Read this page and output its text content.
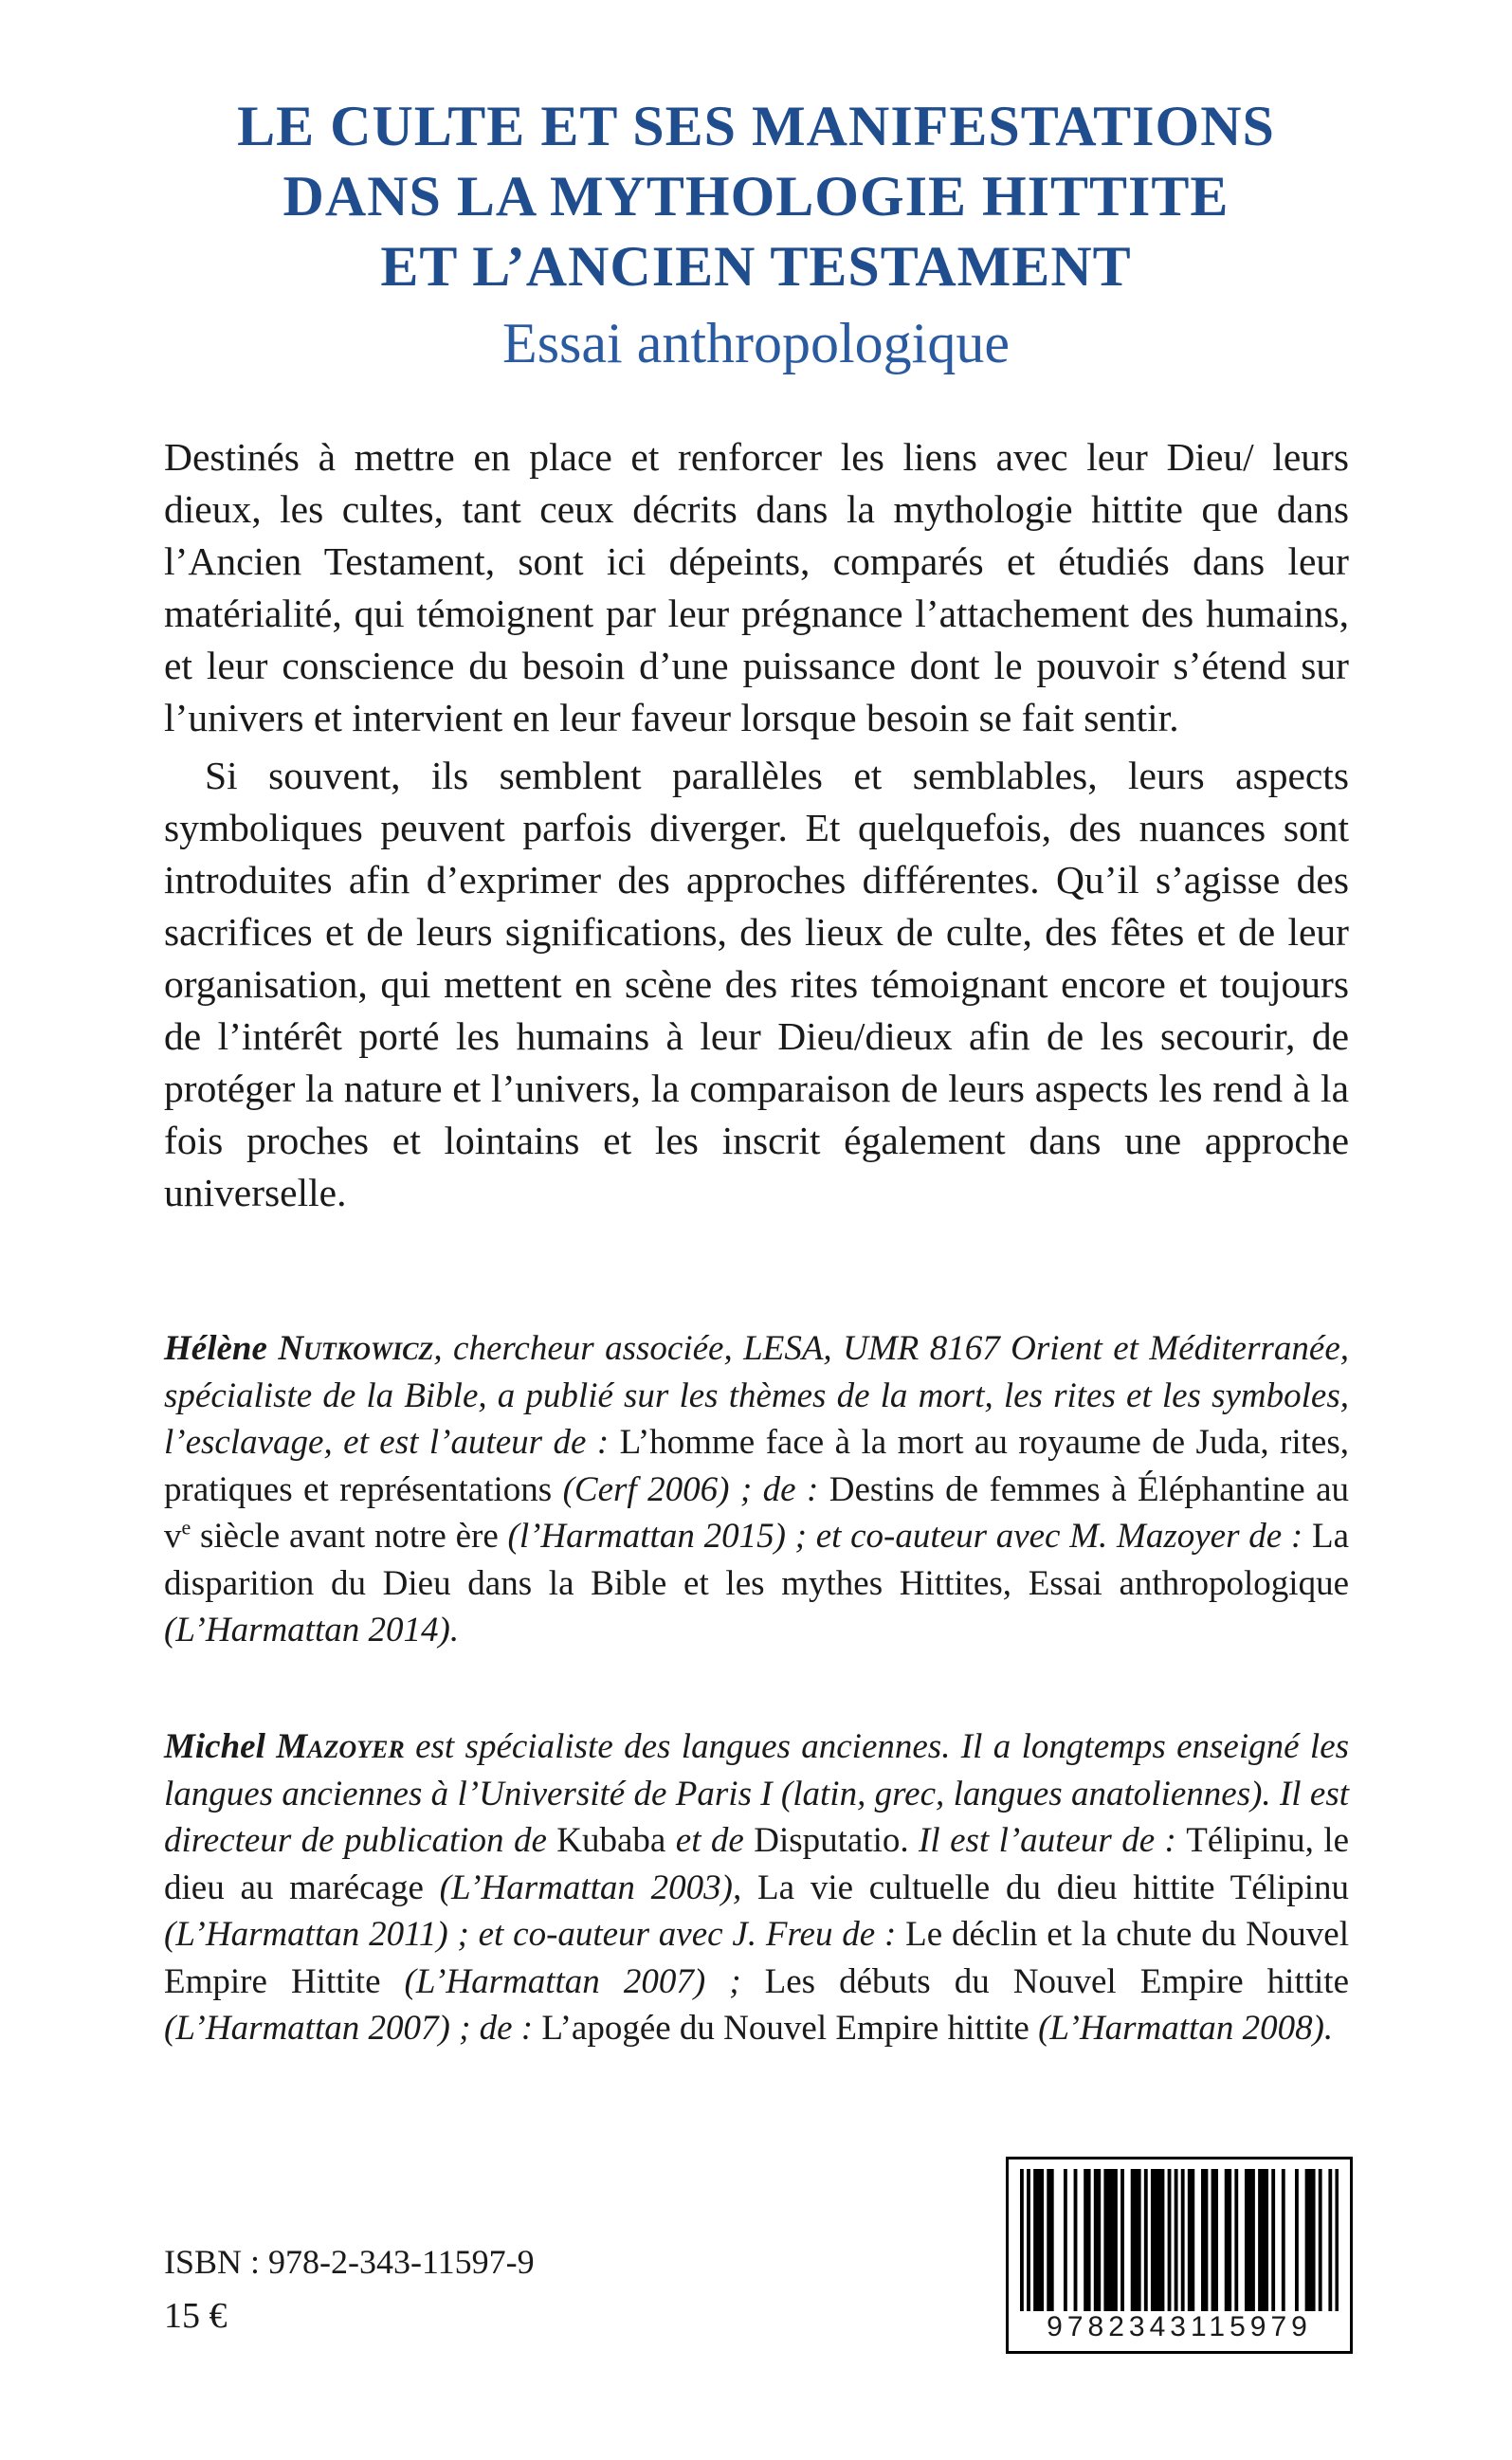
LE CULTE ET SES MANIFESTATIONS
DANS LA MYTHOLOGIE HITTITE
ET L’ANCIEN TESTAMENT
Essai anthropologique

Destinés à mettre en place et renforcer les liens avec leur Dieu/ leurs dieux, les cultes, tant ceux décrits dans la mythologie hittite que dans l’Ancien Testament, sont ici dépeints, comparés et étudiés dans leur matérialité, qui témoignent par leur prégnance l’attachement des humains, et leur conscience du besoin d’une puissance dont le pouvoir s’étend sur l’univers et intervient en leur faveur lorsque besoin se fait sentir.

Si souvent, ils semblent parallèles et semblables, leurs aspects symboliques peuvent parfois diverger. Et quelquefois, des nuances sont introduites afin d’exprimer des approches différentes. Qu’il s’agisse des sacrifices et de leurs significations, des lieux de culte, des fêtes et de leur organisation, qui mettent en scène des rites témoignant encore et toujours de l’intérêt porté les humains à leur Dieu/dieux afin de les secourir, de protéger la nature et l’univers, la comparaison de leurs aspects les rend à la fois proches et lointains et les inscrit également dans une approche universelle.

Hélène Nutkowicz, chercheur associée, LESA, UMR 8167 Orient et Méditerranée, spécialiste de la Bible, a publié sur les thèmes de la mort, les rites et les symboles, l’esclavage, et est l’auteur de : L’homme face à la mort au royaume de Juda, rites, pratiques et représentations (Cerf 2006) ; de : Destins de femmes à Éléphantine au $v^e$ siècle avant notre ère (l’Harmattan 2015) ; et co-auteur avec M. Mazoyer de : La disparition du Dieu dans la Bible et les mythes Hittites, Essai anthropologique (L’Harmattan 2014).

Michel Mazoyer est spécialiste des langues anciennes. Il a longtemps enseigné les langues anciennes à l’Université de Paris I (latin, grec, langues anatoliennes). Il est directeur de publication de Kubaba et de Disputatio. Il est l’auteur de : Télipinu, le dieu au marécage (L’Harmattan 2003), La vie cultuelle du dieu hittite Télipinu (L’Harmattan 2011) ; et co-auteur avec J. Freu de : Le déclin et la chute du Nouvel Empire Hittite (L’Harmattan 2007) ; Les débuts du Nouvel Empire hittite (L’Harmattan 2007) ; de : L’apogée du Nouvel Empire hittite (L’Harmattan 2008).

ISBN : 978-2-343-11597-9
15 €	9782343115979
